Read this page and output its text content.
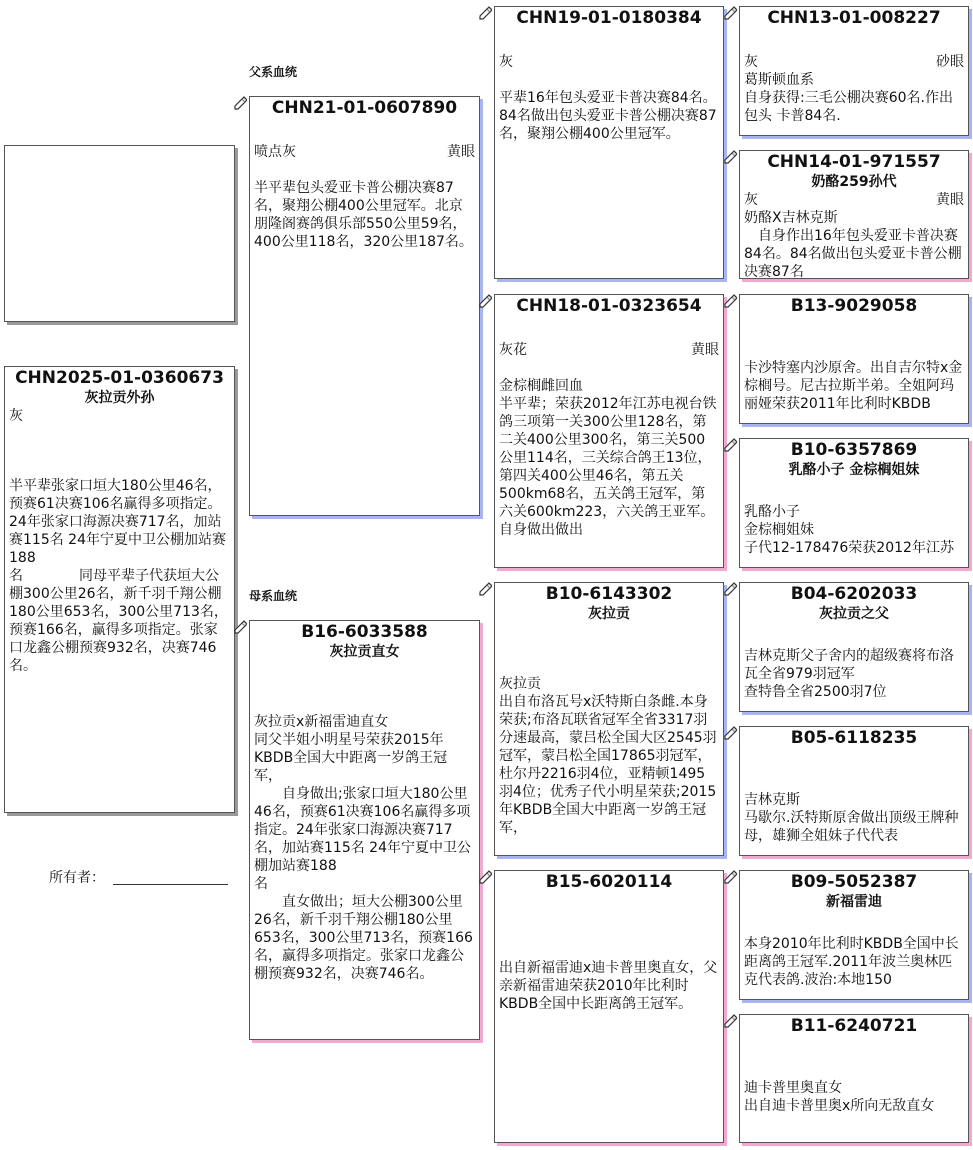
父系血统
母系血统
CHN2025-01-0360673
灰拉贡外孙
灰
半平辈张家口垣大180公里46名，预赛61决赛106名赢得多项指定。24年张家口海源决赛717名，加站赛115名 24年宁夏中卫公棚加站赛188
名　　　　同母平辈子代获垣大公棚300公里26名，新千羽千翔公棚180公里653名，300公里713名，预赛166名，赢得多项指定。张家口龙鑫公棚预赛932名，决赛746名。
所有者：
CHN21-01-0607890
喷点灰	黄眼
半平辈包头爱亚卡普公棚决赛87名，聚翔公棚400公里冠军。北京朋隆阁赛鸽俱乐部550公里59名，400公里118名，320公里187名。
B16-6033588
灰拉贡直女
灰拉贡x新福雷迪直女
同父半姐小明星号荣获2015年KBDB全国大中距离一岁鸽王冠军，
　　自身做出;张家口垣大180公里46名，预赛61决赛106名赢得多项指定。24年张家口海源决赛717名，加站赛115名 24年宁夏中卫公棚加站赛188
名
　　直女做出；垣大公棚300公里26名，新千羽千翔公棚180公里653名，300公里713名，预赛166名，赢得多项指定。张家口龙鑫公棚预赛932名，决赛746名。
CHN19-01-0180384
灰
平辈16年包头爱亚卡普决赛84名。84名做出包头爱亚卡普公棚决赛87名，聚翔公棚400公里冠军。
CHN18-01-0323654
灰花	黄眼
金棕榈雌回血
半平辈；荣获2012年江苏电视台铁鸽三项第一关300公里128名，第二关400公里300名，第三关500公里114名，三关综合鸽王13位，第四关400公里46名，第五关500km68名，五关鸽王冠军，第六关600km223，六关鸽王亚军。自身做出做出
B10-6143302
灰拉贡
灰拉贡
出自布洛瓦号x沃特斯白条雌.本身荣获;布洛瓦联省冠军全省3317羽分速最高，蒙吕松全国大区2545羽冠军，蒙吕松全国17865羽冠军，杜尔丹2216羽4位，亚精顿1495羽4位；优秀子代小明星荣获;2015年KBDB全国大中距离一岁鸽王冠军，
B15-6020114
出自新福雷迪x迪卡普里奥直女，父亲新福雷迪荣获2010年比利时KBDB全国中长距离鸽王冠军。
CHN13-01-008227
灰	砂眼
葛斯顿血系
自身获得:三毛公棚决赛60名.作出包头 卡普84名.
CHN14-01-971557
奶酪259孙代
灰	黄眼
奶酪X吉林克斯
　自身作出16年包头爱亚卡普决赛84名。84名做出包头爱亚卡普公棚决赛87名
B13-9029058
卡沙特塞内沙原舍。出自吉尔特x金棕榈号。尼古拉斯半弟。全姐阿玛丽娅荣获2011年比利时KBDB
B10-6357869
乳酪小子 金棕榈姐妹
乳酪小子
金棕榈姐妹
子代12-178476荣获2012年江苏
B04-6202033
灰拉贡之父
吉林克斯父子舍内的超级赛将布洛瓦全省979羽冠军
查特鲁全省2500羽7位
B05-6118235
吉林克斯
马歇尔.沃特斯原舍做出顶级王牌种母，雄狮全姐妹子代代表
B09-5052387
新福雷迪
本身2010年比利时KBDB全国中长距离鸽王冠军.2011年波兰奥林匹克代表鸽.波治:本地150
B11-6240721
迪卡普里奥直女
出自迪卡普里奥x所向无敌直女
